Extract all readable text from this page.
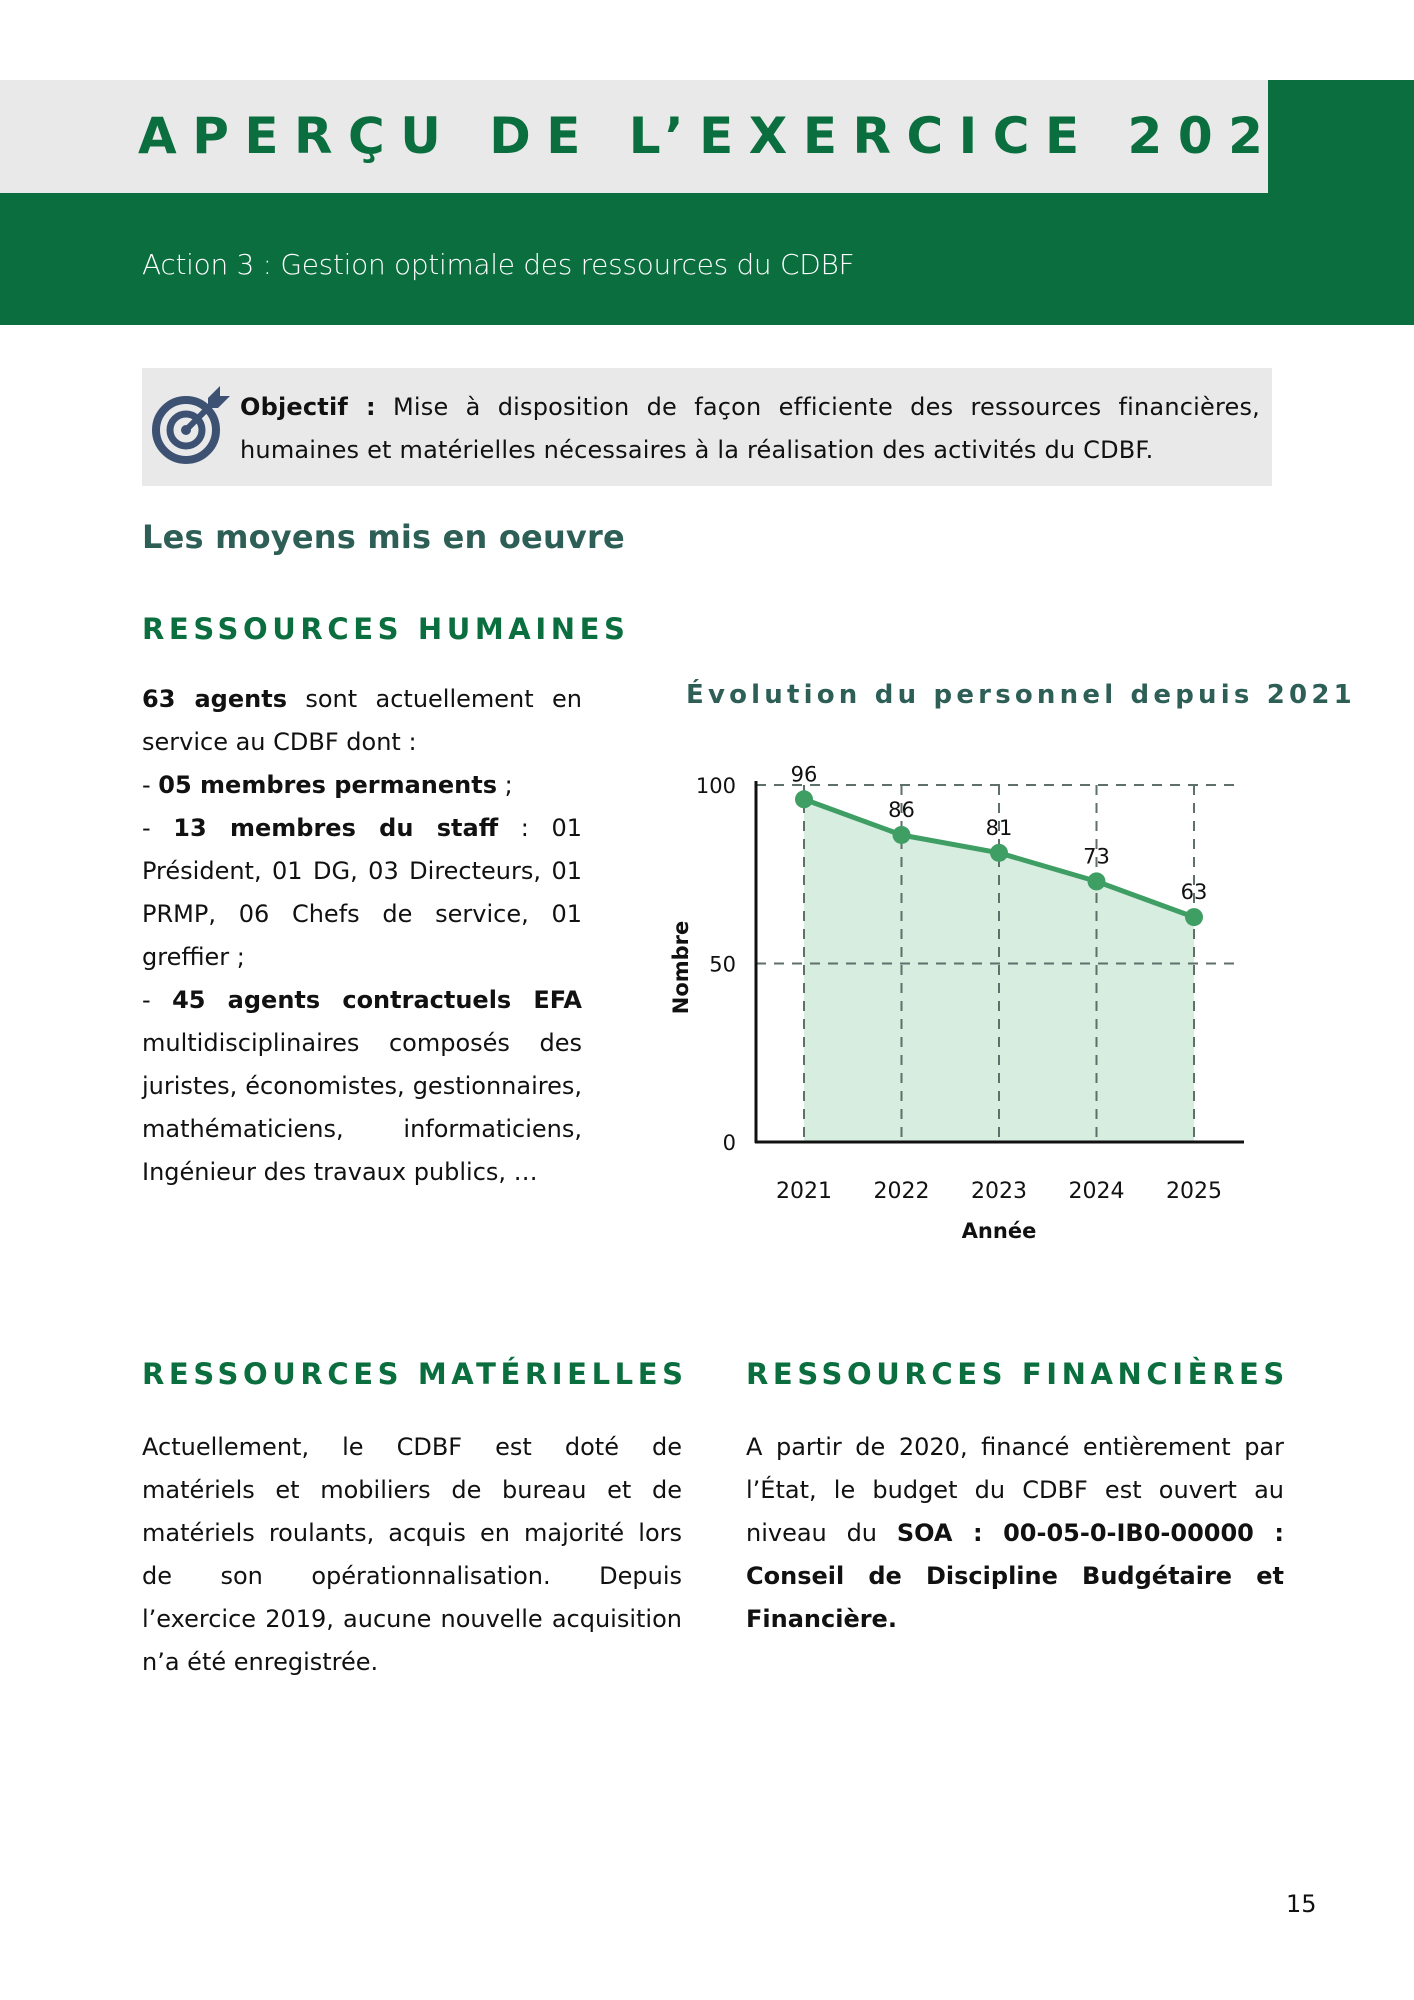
APERÇU DE L’EXERCICE 2025
Action 3 : Gestion optimale des ressources du CDBF
Objectif : Mise à disposition de façon efficiente des ressources financières,
humaines et matérielles nécessaires à la réalisation des activités du CDBF.
Les moyens mis en oeuvre
RESSOURCES HUMAINES
63 agents sont actuellement en
service au CDBF dont :
- 05 membres permanents ;
- 13 membres du staff : 01
Président, 01 DG, 03 Directeurs, 01
PRMP, 06 Chefs de service, 01
greffier ;
- 45 agents contractuels EFA
multidisciplinaires composés des
juristes, économistes, gestionnaires,
mathématiciens, informaticiens,
Ingénieur des travaux publics, …
Évolution du personnel depuis 2021
96
86
81
73
63
0
50
100
2021 2022 2023 2024 2025
Année
Nombre
RESSOURCES MATÉRIELLES
Actuellement, le CDBF est doté de
matériels et mobiliers de bureau et de
matériels roulants, acquis en majorité lors
de son opérationnalisation. Depuis
l’exercice 2019, aucune nouvelle acquisition
n’a été enregistrée.
RESSOURCES FINANCIÈRES
A partir de 2020, financé entièrement par
l’État, le budget du CDBF est ouvert au
niveau du SOA : 00-05-0-IB0-00000 :
Conseil de Discipline Budgétaire et
Financière.
15
